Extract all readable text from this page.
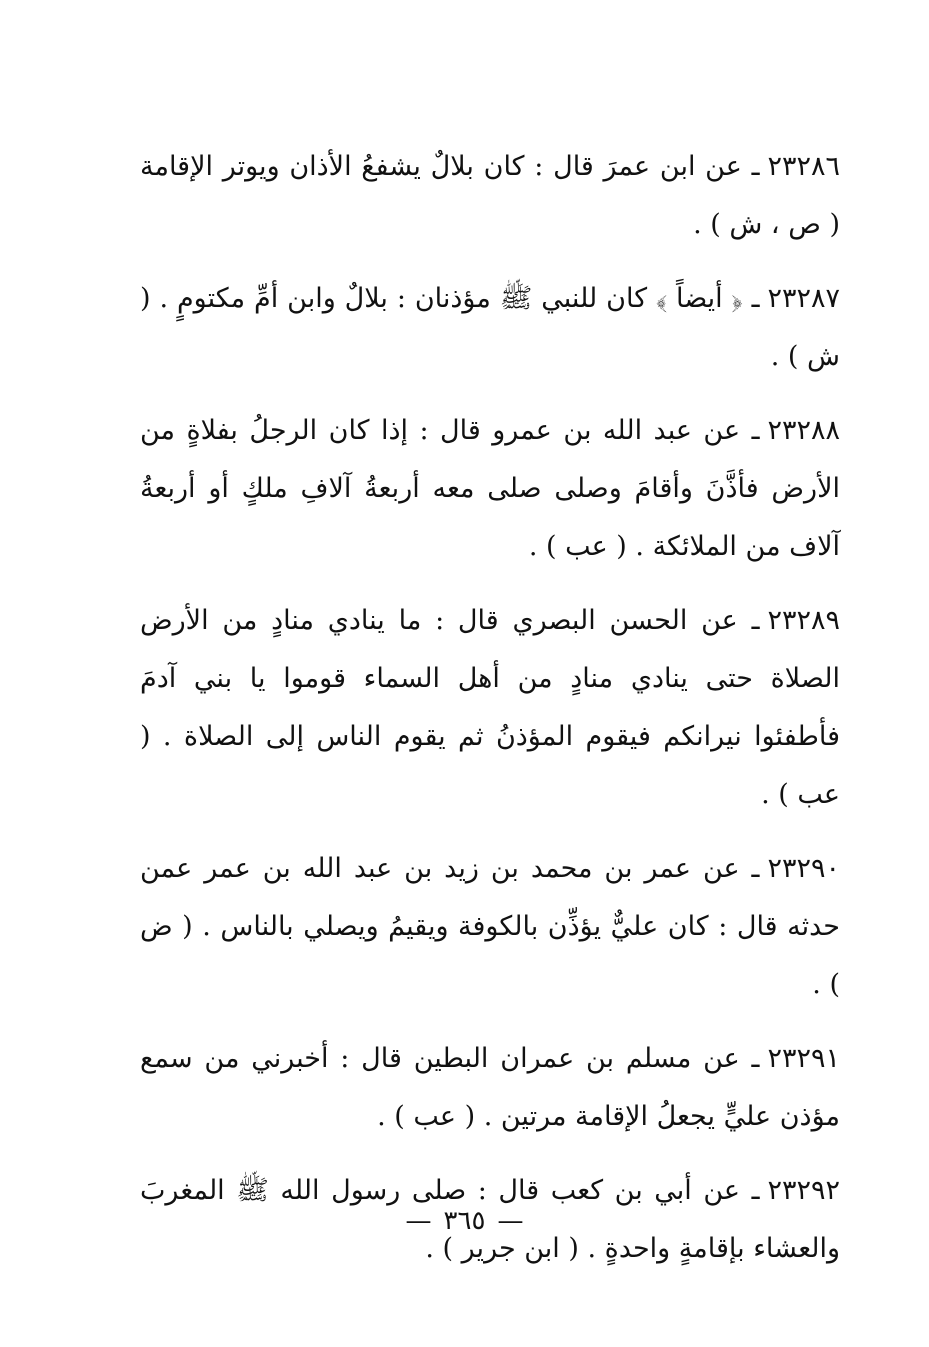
٢٣٢٨٦ـ عن ابن عمرَ قال : كان بلالٌ يشفعُ الأذان ويوتر الإقامة ( ص ، ش ) .

٢٣٢٨٧ـ ﴿ أيضاً ﴾ كان للنبي ﷺ مؤذنان : بلالٌ وابن أمِّ مكتومٍ . ( ش ) .

٢٣٢٨٨ـ عن عبد الله بن عمرو قال : إذا كان الرجلُ بفلاةٍ من الأرض فأذَّنَ وأقامَ وصلى صلى معه أربعةُ آلافِ ملكٍ أو أربعةُ آلاف من الملائكة . ( عب ) .

٢٣٢٨٩ـ عن الحسن البصري قال : ما ينادي منادٍ من الأرض الصلاة حتى ينادي منادٍ من أهل السماء قوموا يا بني آدمَ فأطفئوا نيرانكم فيقوم المؤذنُ ثم يقوم الناس إلى الصلاة . ( عب ) .

٢٣٢٩٠ـ عن عمر بن محمد بن زيد بن عبد الله بن عمر عمن حدثه قال : كان عليٌّ يؤذِّن بالكوفة ويقيمُ ويصلي بالناس . ( ض ) .

٢٣٢٩١ـ عن مسلم بن عمران البطين قال : أخبرني من سمع مؤذن عليٍّ يجعلُ الإقامة مرتين . ( عب ) .

٢٣٢٩٢ـ عن أبي بن كعب قال : صلى رسول الله ﷺ المغربَ والعشاء بإقامةٍ واحدةٍ . ( ابن جرير ) .

—٣٦٥—
